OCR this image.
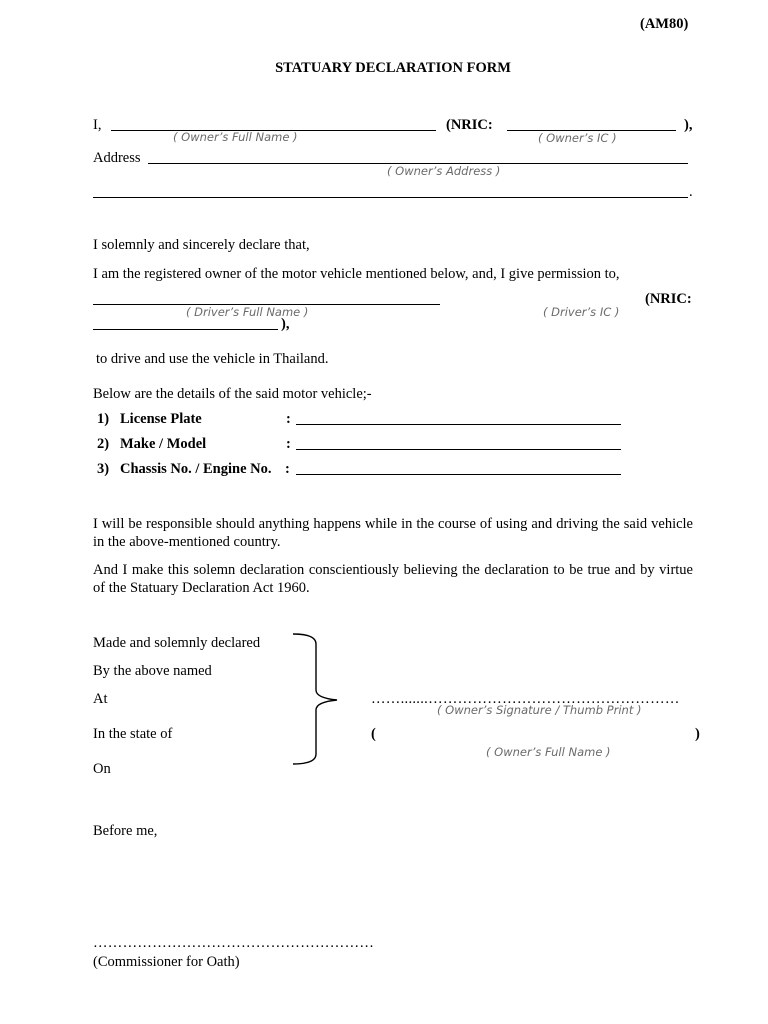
(AM80)
STATUARY DECLARATION FORM
I,	(NRIC:	),
( Owner’s Full Name )	( Owner’s IC )
Address
( Owner’s Address )
.
I solemnly and sincerely declare that,
I am the registered owner of the motor vehicle mentioned below, and, I give permission to,
(NRIC:
( Driver’s Full Name )	( Driver’s IC )
),
to drive and use the vehicle in Thailand.
Below are the details of the said motor vehicle;-
1) License Plate	:
2) Make / Model	:
3) Chassis No. / Engine No. :
I will be responsible should anything happens while in the course of using and driving the said vehicle in the above-mentioned country.
And I make this solemn declaration conscientiously believing the declaration to be true and by virtue of the Statuary Declaration Act 1960.
Made and solemnly declared
By the above named
At
In the state of
On
…….......……………………………………………
( Owner’s Signature / Thumb Print )
(	)
( Owner’s Full Name )
Before me,
…………………………………………………
(Commissioner for Oath)
